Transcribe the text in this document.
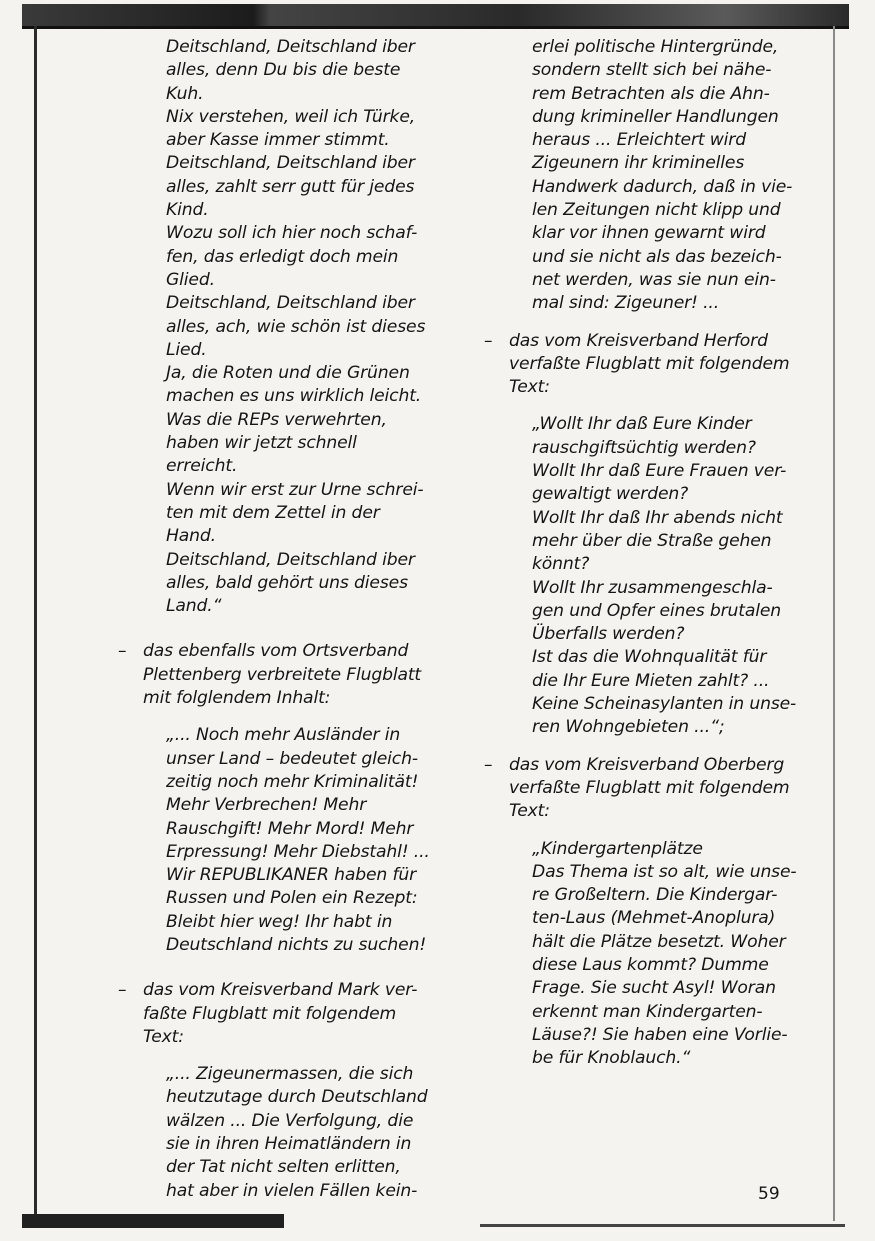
Deitschland, Deitschland iber
alles, denn Du bis die beste
Kuh.
Nix verstehen, weil ich Türke,
aber Kasse immer stimmt.
Deitschland, Deitschland iber
alles, zahlt serr gutt für jedes
Kind.
Wozu soll ich hier noch schaf-
fen, das erledigt doch mein
Glied.
Deitschland, Deitschland iber
alles, ach, wie schön ist dieses
Lied.
Ja, die Roten und die Grünen
machen es uns wirklich leicht.
Was die REPs verwehrten,
haben wir jetzt schnell
erreicht.
Wenn wir erst zur Urne schrei-
ten mit dem Zettel in der
Hand.
Deitschland, Deitschland iber
alles, bald gehört uns dieses
Land.“
– das ebenfalls vom Ortsverband
Plettenberg verbreitete Flugblatt
mit folglendem Inhalt:
„... Noch mehr Ausländer in
unser Land – bedeutet gleich-
zeitig noch mehr Kriminalität!
Mehr Verbrechen! Mehr
Rauschgift! Mehr Mord! Mehr
Erpressung! Mehr Diebstahl! ...
Wir REPUBLIKANER haben für
Russen und Polen ein Rezept:
Bleibt hier weg! Ihr habt in
Deutschland nichts zu suchen!
– das vom Kreisverband Mark ver-
faßte Flugblatt mit folgendem
Text:
„... Zigeunermassen, die sich
heutzutage durch Deutschland
wälzen ... Die Verfolgung, die
sie in ihren Heimatländern in
der Tat nicht selten erlitten,
hat aber in vielen Fällen kein-
erlei politische Hintergründe,
sondern stellt sich bei nähe-
rem Betrachten als die Ahn-
dung krimineller Handlungen
heraus ... Erleichtert wird
Zigeunern ihr kriminelles
Handwerk dadurch, daß in vie-
len Zeitungen nicht klipp und
klar vor ihnen gewarnt wird
und sie nicht als das bezeich-
net werden, was sie nun ein-
mal sind: Zigeuner! ...
– das vom Kreisverband Herford
verfaßte Flugblatt mit folgendem
Text:
„Wollt Ihr daß Eure Kinder
rauschgiftsüchtig werden?
Wollt Ihr daß Eure Frauen ver-
gewaltigt werden?
Wollt Ihr daß Ihr abends nicht
mehr über die Straße gehen
könnt?
Wollt Ihr zusammengeschla-
gen und Opfer eines brutalen
Überfalls werden?
Ist das die Wohnqualität für
die Ihr Eure Mieten zahlt? ...
Keine Scheinasylanten in unse-
ren Wohngebieten ...“;
– das vom Kreisverband Oberberg
verfaßte Flugblatt mit folgendem
Text:
„Kindergartenplätze
Das Thema ist so alt, wie unse-
re Großeltern. Die Kindergar-
ten-Laus (Mehmet-Anoplura)
hält die Plätze besetzt. Woher
diese Laus kommt? Dumme
Frage. Sie sucht Asyl! Woran
erkennt man Kindergarten-
Läuse?! Sie haben eine Vorlie-
be für Knoblauch.“
59
